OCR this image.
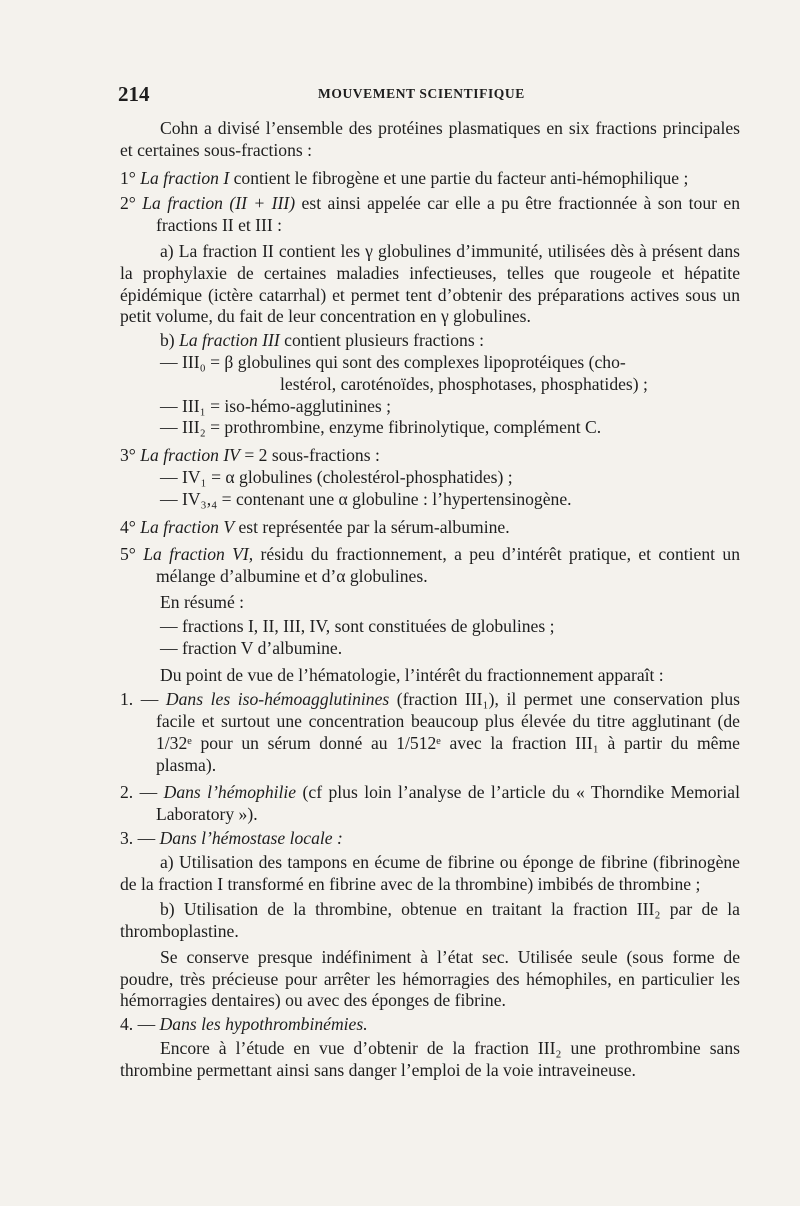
214	MOUVEMENT SCIENTIFIQUE

Cohn a divisé l’ensemble des protéines plasmatiques en six fractions principales et certaines sous-fractions :

1° La fraction I contient le fibrogène et une partie du facteur anti-hémophilique ;

2° La fraction (II + III) est ainsi appelée car elle a pu être fractionnée à son tour en fractions II et III :

a) La fraction II contient les γ globulines d’immunité, utilisées dès à présent dans la prophylaxie de certaines maladies infectieuses, telles que rougeole et hépatite épidémique (ictère catarrhal) et permet tent d’obtenir des préparations actives sous un petit volume, du fait de leur concentration en γ globulines.

b) La fraction III contient plusieurs fractions :

— III₀ = β globulines qui sont des complexes lipoprotéiques (cho-

lestérol, caroténoïdes, phosphotases, phosphatides) ;

— III₁ = iso-hémo-agglutinines ;

— III₂ = prothrombine, enzyme fibrinolytique, complément C.

3° La fraction IV = 2 sous-fractions :

— IV₁ = α globulines (cholestérol-phosphatides) ;

— IV₃,₄ = contenant une α globuline : l’hypertensinogène.

4° La fraction V est représentée par la sérum-albumine.

5° La fraction VI, résidu du fractionnement, a peu d’intérêt pratique, et contient un mélange d’albumine et d’α globulines.

En résumé :

— fractions I, II, III, IV, sont constituées de globulines ;

— fraction V d’albumine.

Du point de vue de l’hématologie, l’intérêt du fractionnement apparaît :

1. — Dans les iso-hémoagglutinines (fraction III₁), il permet une conservation plus facile et surtout une concentration beaucoup plus élevée du titre agglutinant (de 1/32ᵉ pour un sérum donné au 1/512ᵉ avec la fraction III₁ à partir du même plasma).

2. — Dans l’hémophilie (cf plus loin l’analyse de l’article du « Thorndike Memorial Laboratory »).

3. — Dans l’hémostase locale :

a) Utilisation des tampons en écume de fibrine ou éponge de fibrine (fibrinogène de la fraction I transformé en fibrine avec de la thrombine) imbibés de thrombine ;

b) Utilisation de la thrombine, obtenue en traitant la fraction III₂ par de la thromboplastine.

Se conserve presque indéfiniment à l’état sec. Utilisée seule (sous forme de poudre, très précieuse pour arrêter les hémorragies des hémophiles, en particulier les hémorragies dentaires) ou avec des éponges de fibrine.

4. — Dans les hypothrombinémies.

Encore à l’étude en vue d’obtenir de la fraction III₂ une prothrombine sans thrombine permettant ainsi sans danger l’emploi de la voie intraveineuse.
